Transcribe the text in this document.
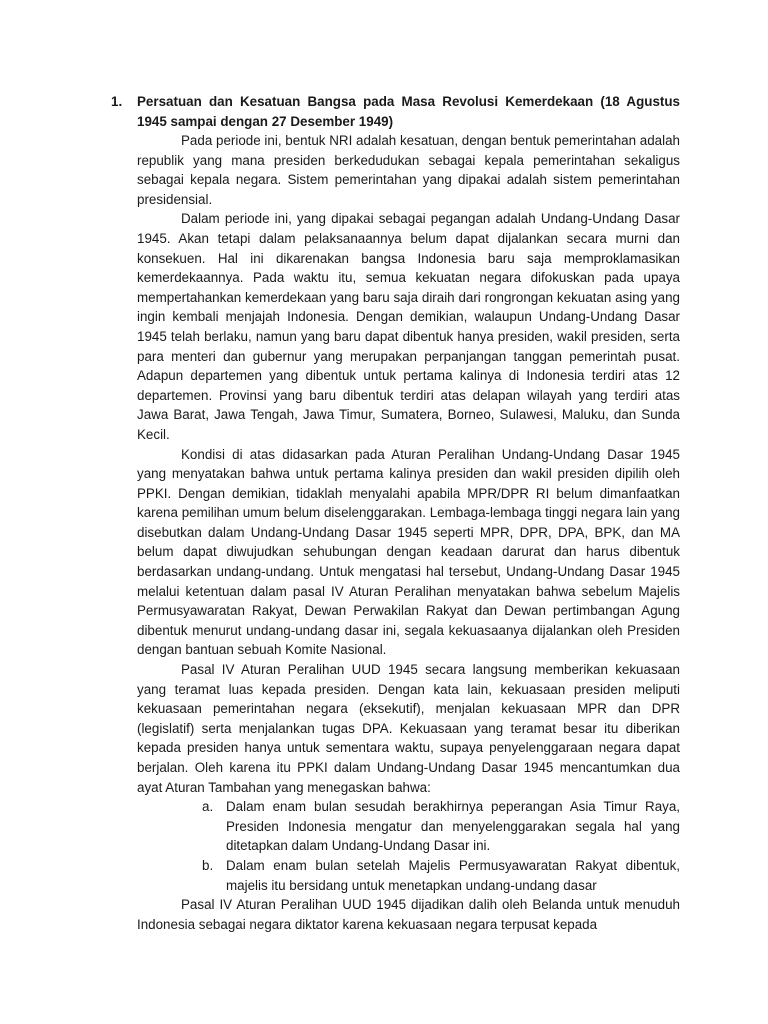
1.	Persatuan dan Kesatuan Bangsa pada Masa Revolusi Kemerdekaan (18 Agustus 1945 sampai dengan 27 Desember 1949)

Pada periode ini, bentuk NRI adalah kesatuan, dengan bentuk pemerintahan adalah republik yang mana presiden berkedudukan sebagai kepala pemerintahan sekaligus sebagai kepala negara. Sistem pemerintahan yang dipakai adalah sistem pemerintahan presidensial.

Dalam periode ini, yang dipakai sebagai pegangan adalah Undang-Undang Dasar 1945. Akan tetapi dalam pelaksanaannya belum dapat dijalankan secara murni dan konsekuen. Hal ini dikarenakan bangsa Indonesia baru saja memproklamasikan kemerdekaannya. Pada waktu itu, semua kekuatan negara difokuskan pada upaya mempertahankan kemerdekaan yang baru saja diraih dari rongrongan kekuatan asing yang ingin kembali menjajah Indonesia. Dengan demikian, walaupun Undang-Undang Dasar 1945 telah berlaku, namun yang baru dapat dibentuk hanya presiden, wakil presiden, serta para menteri dan gubernur yang merupakan perpanjangan tanggan pemerintah pusat. Adapun departemen yang dibentuk untuk pertama kalinya di Indonesia terdiri atas 12 departemen. Provinsi yang baru dibentuk terdiri atas delapan wilayah yang terdiri atas Jawa Barat, Jawa Tengah, Jawa Timur, Sumatera, Borneo, Sulawesi, Maluku, dan Sunda Kecil.

Kondisi di atas didasarkan pada Aturan Peralihan Undang-Undang Dasar 1945 yang menyatakan bahwa untuk pertama kalinya presiden dan wakil presiden dipilih oleh PPKI. Dengan demikian, tidaklah menyalahi apabila MPR/DPR RI belum dimanfaatkan karena pemilihan umum belum diselenggarakan. Lembaga-lembaga tinggi negara lain yang disebutkan dalam Undang-Undang Dasar 1945 seperti MPR, DPR, DPA, BPK, dan MA belum dapat diwujudkan sehubungan dengan keadaan darurat dan harus dibentuk berdasarkan undang-undang. Untuk mengatasi hal tersebut, Undang-Undang Dasar 1945 melalui ketentuan dalam pasal IV Aturan Peralihan menyatakan bahwa sebelum Majelis Permusyawaratan Rakyat, Dewan Perwakilan Rakyat dan Dewan pertimbangan Agung dibentuk menurut undang-undang dasar ini, segala kekuasaanya dijalankan oleh Presiden dengan bantuan sebuah Komite Nasional.

Pasal IV Aturan Peralihan UUD 1945 secara langsung memberikan kekuasaan yang teramat luas kepada presiden. Dengan kata lain, kekuasaan presiden meliputi kekuasaan pemerintahan negara (eksekutif), menjalan kekuasaan MPR dan DPR (legislatif) serta menjalankan tugas DPA. Kekuasaan yang teramat besar itu diberikan kepada presiden hanya untuk sementara waktu, supaya penyelenggaraan negara dapat berjalan. Oleh karena itu PPKI dalam Undang-Undang Dasar 1945 mencantumkan dua ayat Aturan Tambahan yang menegaskan bahwa:

a. Dalam enam bulan sesudah berakhirnya peperangan Asia Timur Raya, Presiden Indonesia mengatur dan menyelenggarakan segala hal yang ditetapkan dalam Undang-Undang Dasar ini.
b. Dalam enam bulan setelah Majelis Permusyawaratan Rakyat dibentuk, majelis itu bersidang untuk menetapkan undang-undang dasar

Pasal IV Aturan Peralihan UUD 1945 dijadikan dalih oleh Belanda untuk menuduh Indonesia sebagai negara diktator karena kekuasaan negara terpusat kepada
